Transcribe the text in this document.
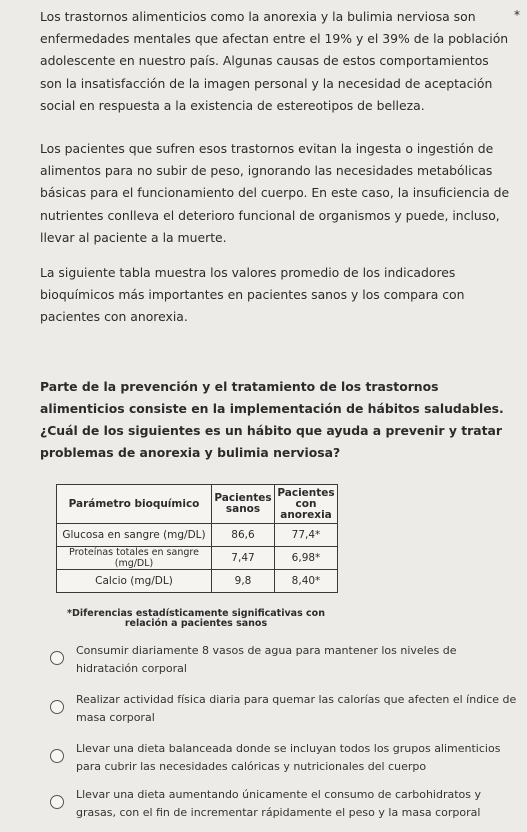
*

Los trastornos alimenticios como la anorexia y la bulimia nerviosa son enfermedades mentales que afectan entre el 19% y el 39% de la población adolescente en nuestro país. Algunas causas de estos comportamientos son la insatisfacción de la imagen personal y la necesidad de aceptación social en respuesta a la existencia de estereotipos de belleza.

Los pacientes que sufren esos trastornos evitan la ingesta o ingestión de alimentos para no subir de peso, ignorando las necesidades metabólicas básicas para el funcionamiento del cuerpo. En este caso, la insuficiencia de nutrientes conlleva el deterioro funcional de organismos y puede, incluso, llevar al paciente a la muerte.

La siguiente tabla muestra los valores promedio de los indicadores bioquímicos más importantes en pacientes sanos y los compara con pacientes con anorexia.

Parte de la prevención y el tratamiento de los trastornos alimenticios consiste en la implementación de hábitos saludables. ¿Cuál de los siguientes es un hábito que ayuda a prevenir y tratar problemas de anorexia y bulimia nerviosa?

Parámetro bioquímico	Pacientes sanos	Pacientes con anorexia
Glucosa en sangre (mg/DL)	86,6	77,4*
Proteínas totales en sangre (mg/DL)	7,47	6,98*
Calcio (mg/DL)	9,8	8,40*
*Diferencias estadísticamente significativas con relación a pacientes sanos
Consumir diariamente 8 vasos de agua para mantener los niveles de hidratación corporal
Realizar actividad física diaria para quemar las calorías que afecten el índice de masa corporal
Llevar una dieta balanceada donde se incluyan todos los grupos alimenticios para cubrir las necesidades calóricas y nutricionales del cuerpo
Llevar una dieta aumentando únicamente el consumo de carbohidratos y grasas, con el fin de incrementar rápidamente el peso y la masa corporal
